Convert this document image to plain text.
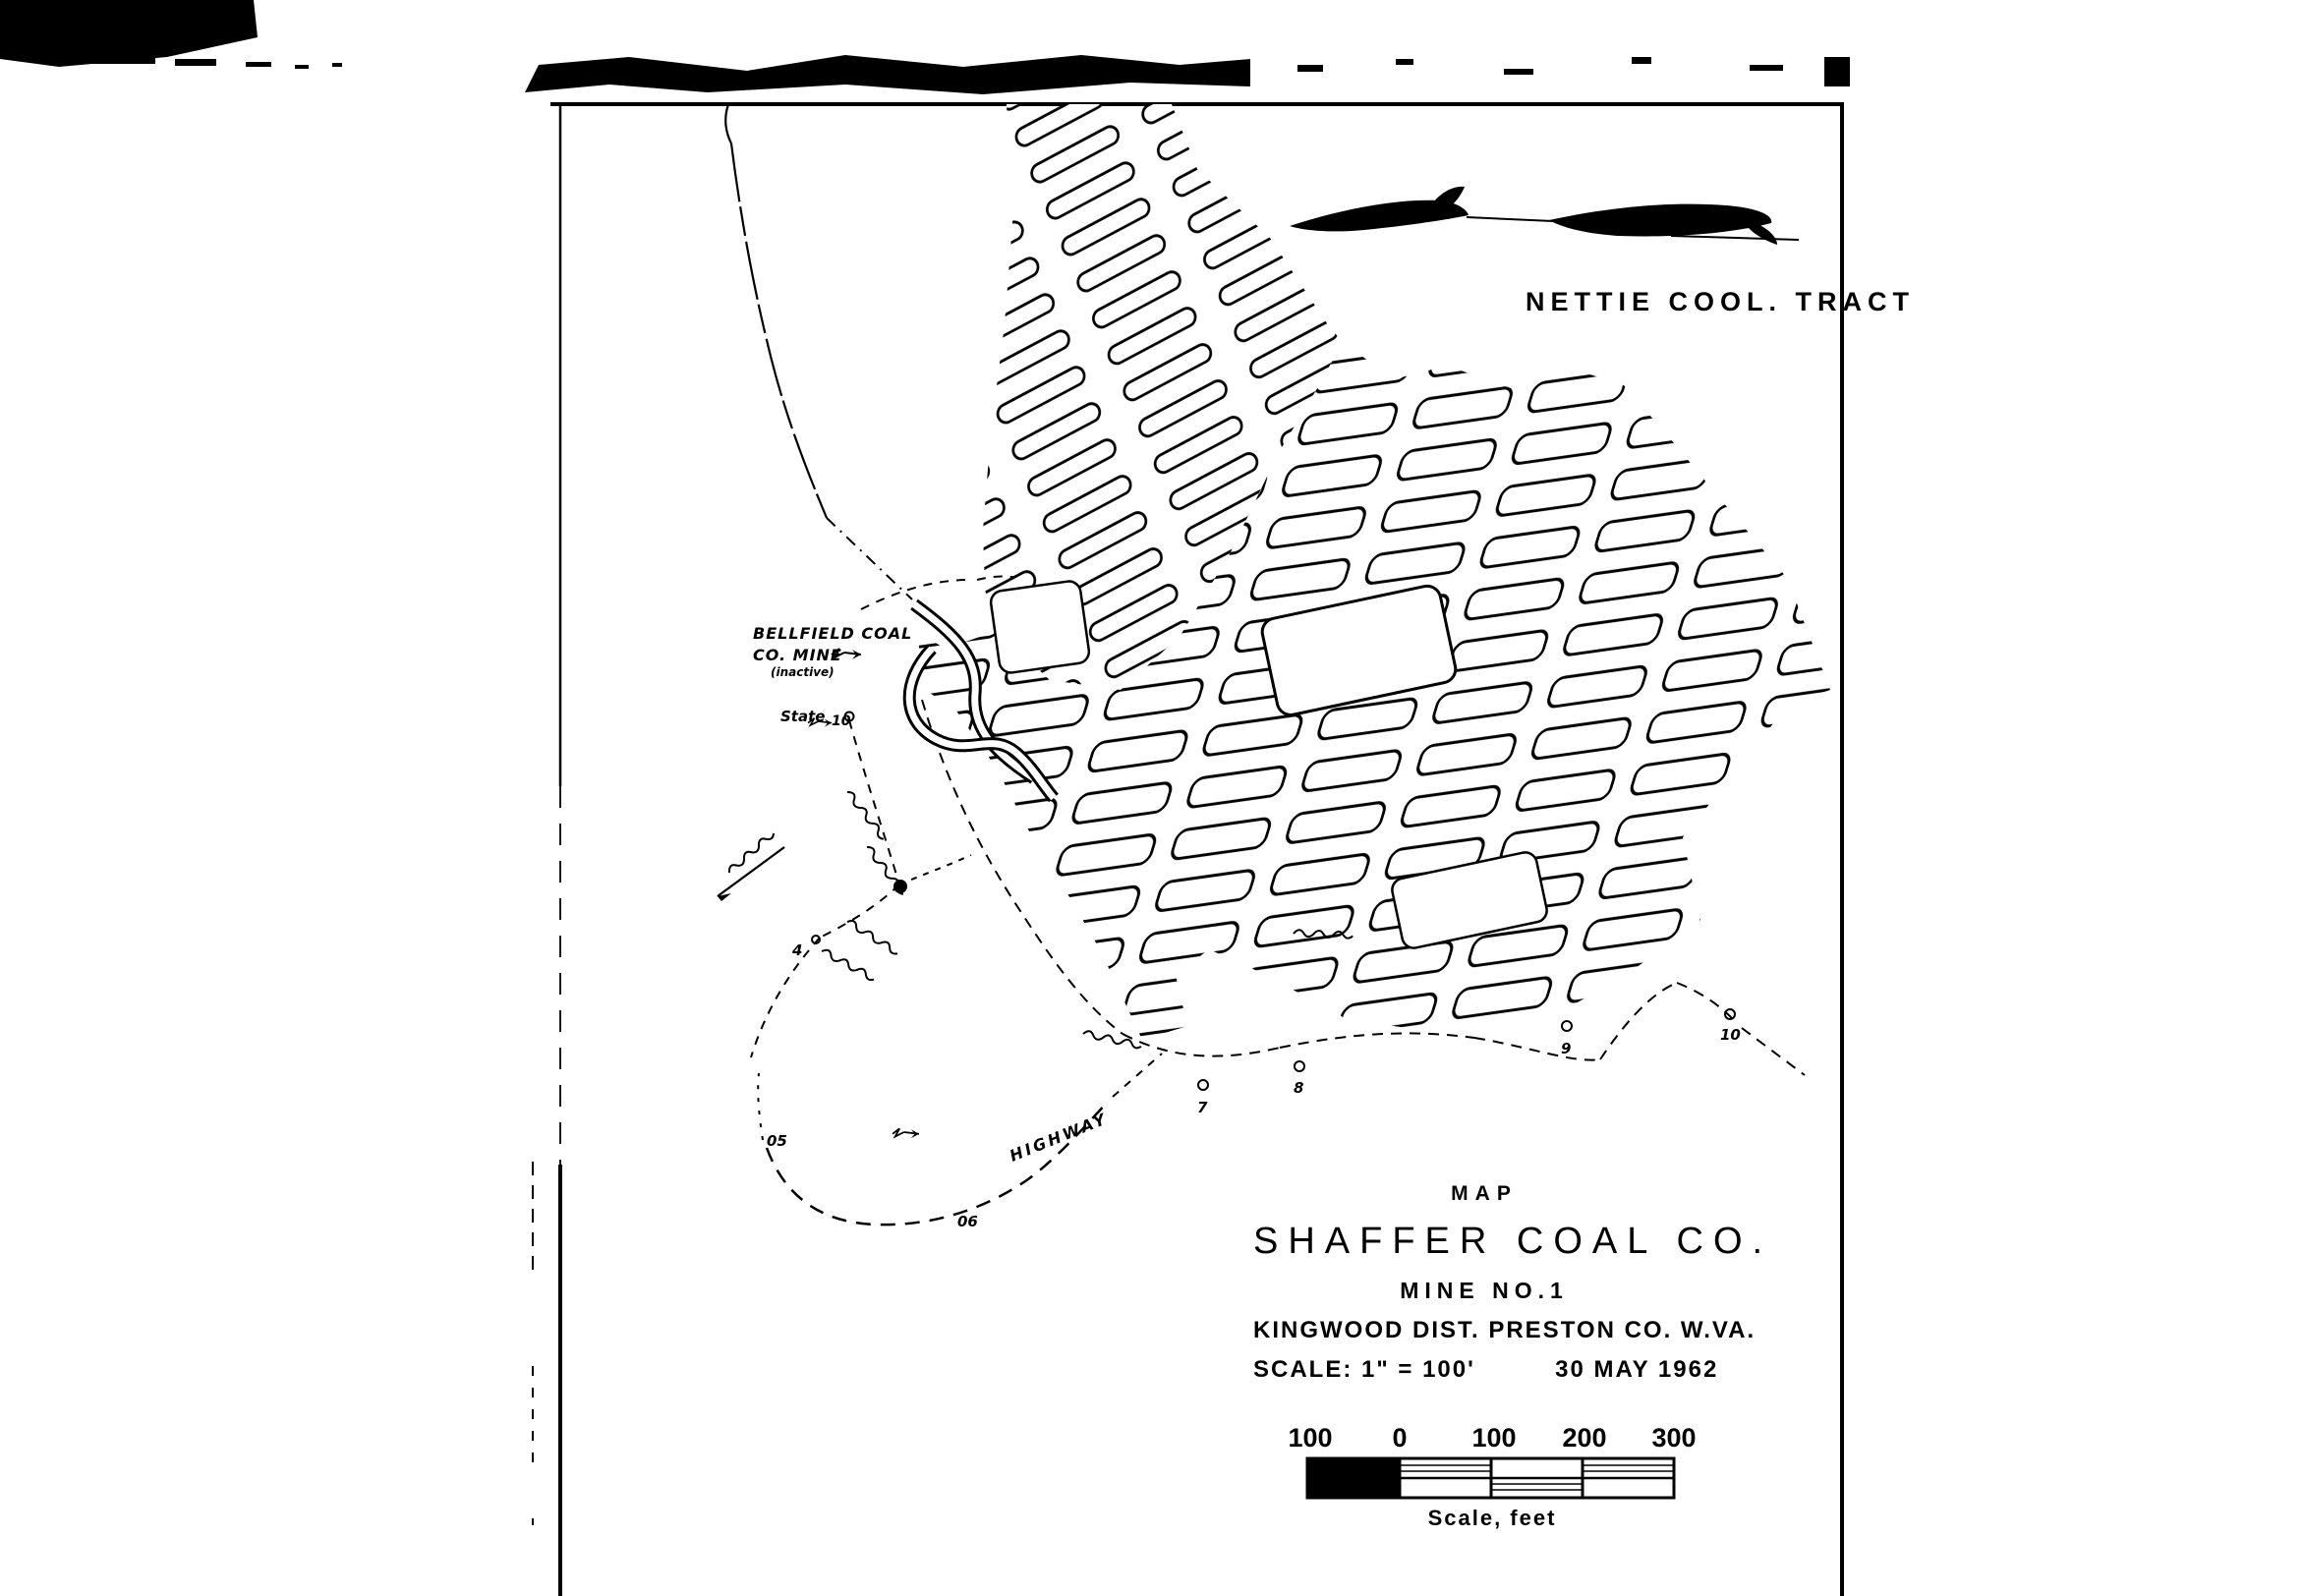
BELLFIELD COAL
CO. MINE
(inactive)
State 10
HIGHWAY
05
06
4
7
8
9
10
NETTIE COOL. TRACT
MAP
SHAFFER COAL CO.
MINE NO.1
KINGWOOD DIST. PRESTON CO. W.VA.
SCALE: 1" = 100'	30 MAY 1962
100 0 100 200 300
Scale, feet
